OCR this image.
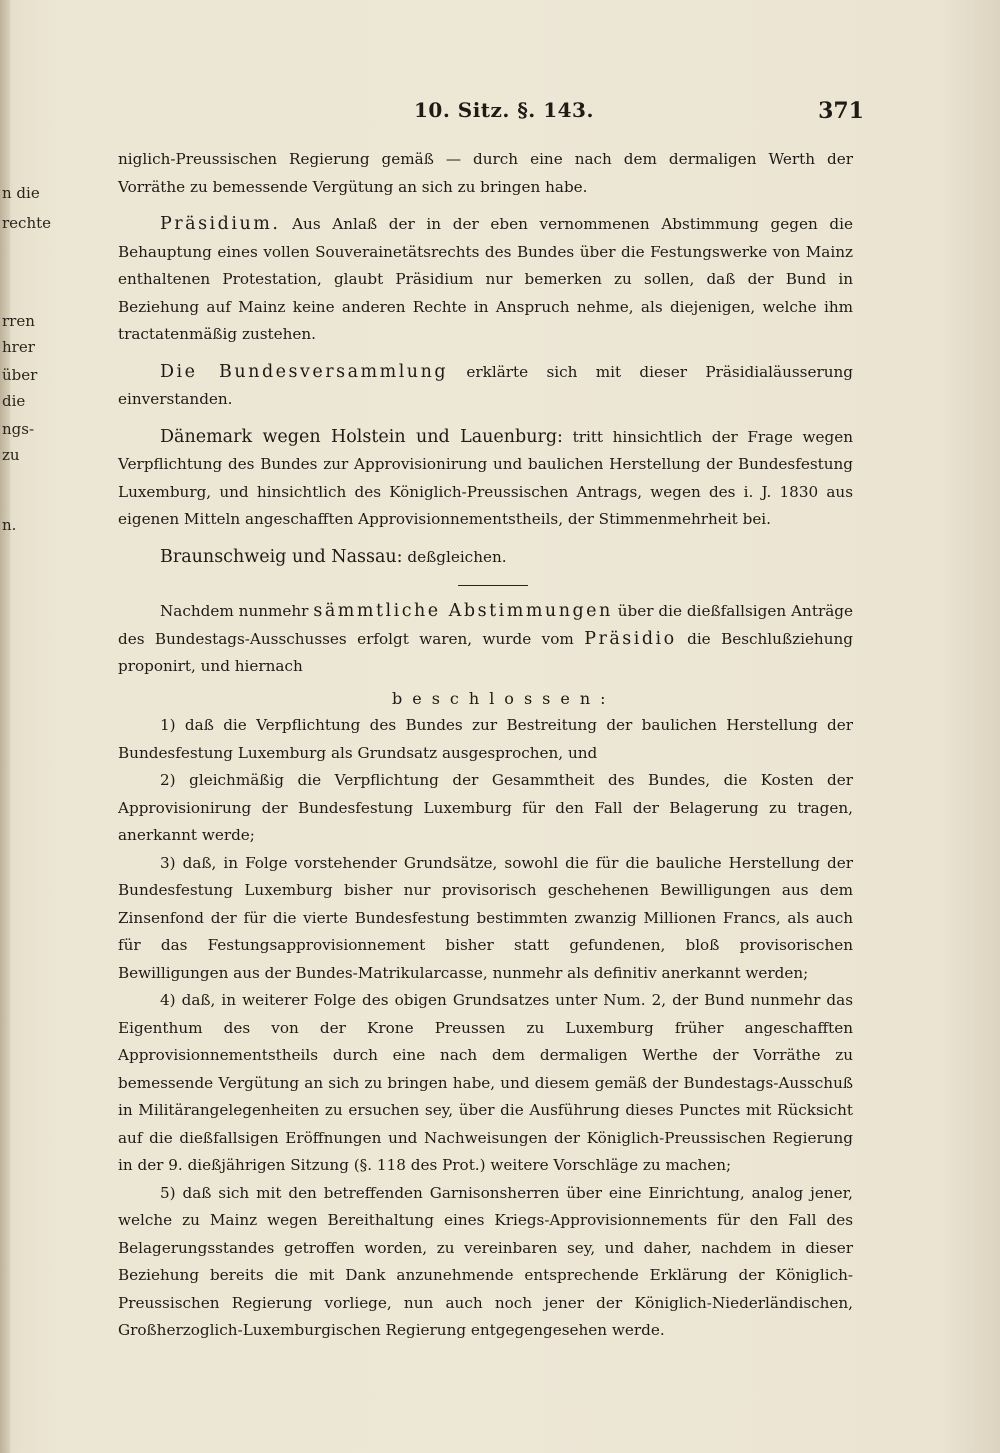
n die
rechte
rren
hrer
über
die
ngs-
zu
n.
10. Sitz. §. 143.	371

niglich-Preussischen Regierung gemäß — durch eine nach dem dermaligen Werth der Vorräthe zu bemessende Vergütung an sich zu bringen habe.

Präsidium. Aus Anlaß der in der eben vernommenen Abstimmung gegen die Behauptung eines vollen Souverainetätsrechts des Bundes über die Festungswerke von Mainz enthaltenen Protestation, glaubt Präsidium nur bemerken zu sollen, daß der Bund in Beziehung auf Mainz keine anderen Rechte in Anspruch nehme, als diejenigen, welche ihm tractatenmäßig zustehen.

Die Bundesversammlung erklärte sich mit dieser Präsidialäusserung einverstanden.

Dänemark wegen Holstein und Lauenburg: tritt hinsichtlich der Frage wegen Verpflichtung des Bundes zur Approvisionirung und baulichen Herstellung der Bundesfestung Luxemburg, und hinsichtlich des Königlich-Preussischen Antrags, wegen des i. J. 1830 aus eigenen Mitteln angeschafften Approvisionnementstheils, der Stimmenmehrheit bei.

Braunschweig und Nassau: deßgleichen.

Nachdem nunmehr sämmtliche Abstimmungen über die dießfallsigen Anträge des Bundestags-Ausschusses erfolgt waren, wurde vom Präsidio die Beschlußziehung proponirt, und hiernach

beschlossen:

1) daß die Verpflichtung des Bundes zur Bestreitung der baulichen Herstellung der Bundesfestung Luxemburg als Grundsatz ausgesprochen, und

2) gleichmäßig die Verpflichtung der Gesammtheit des Bundes, die Kosten der Approvisionirung der Bundesfestung Luxemburg für den Fall der Belagerung zu tragen, anerkannt werde;

3) daß, in Folge vorstehender Grundsätze, sowohl die für die bauliche Herstellung der Bundesfestung Luxemburg bisher nur provisorisch geschehenen Bewilligungen aus dem Zinsenfond der für die vierte Bundesfestung bestimmten zwanzig Millionen Francs, als auch für das Festungsapprovisionnement bisher statt gefundenen, bloß provisorischen Bewilligungen aus der Bundes-Matrikularcasse, nunmehr als definitiv anerkannt werden;

4) daß, in weiterer Folge des obigen Grundsatzes unter Num. 2, der Bund nunmehr das Eigenthum des von der Krone Preussen zu Luxemburg früher angeschafften Approvisionnementstheils durch eine nach dem dermaligen Werthe der Vorräthe zu bemessende Vergütung an sich zu bringen habe, und diesem gemäß der Bundestags-Ausschuß in Militärangelegenheiten zu ersuchen sey, über die Ausführung dieses Punctes mit Rücksicht auf die dießfallsigen Eröffnungen und Nachweisungen der Königlich-Preussischen Regierung in der 9. dießjährigen Sitzung (§. 118 des Prot.) weitere Vorschläge zu machen;

5) daß sich mit den betreffenden Garnisonsherren über eine Einrichtung, analog jener, welche zu Mainz wegen Bereithaltung eines Kriegs-Approvisionnements für den Fall des Belagerungsstandes getroffen worden, zu vereinbaren sey, und daher, nachdem in dieser Beziehung bereits die mit Dank anzunehmende entsprechende Erklärung der Königlich-Preussischen Regierung vorliege, nun auch noch jener der Königlich-Niederländischen, Großherzoglich-Luxemburgischen Regierung entgegengesehen werde.
